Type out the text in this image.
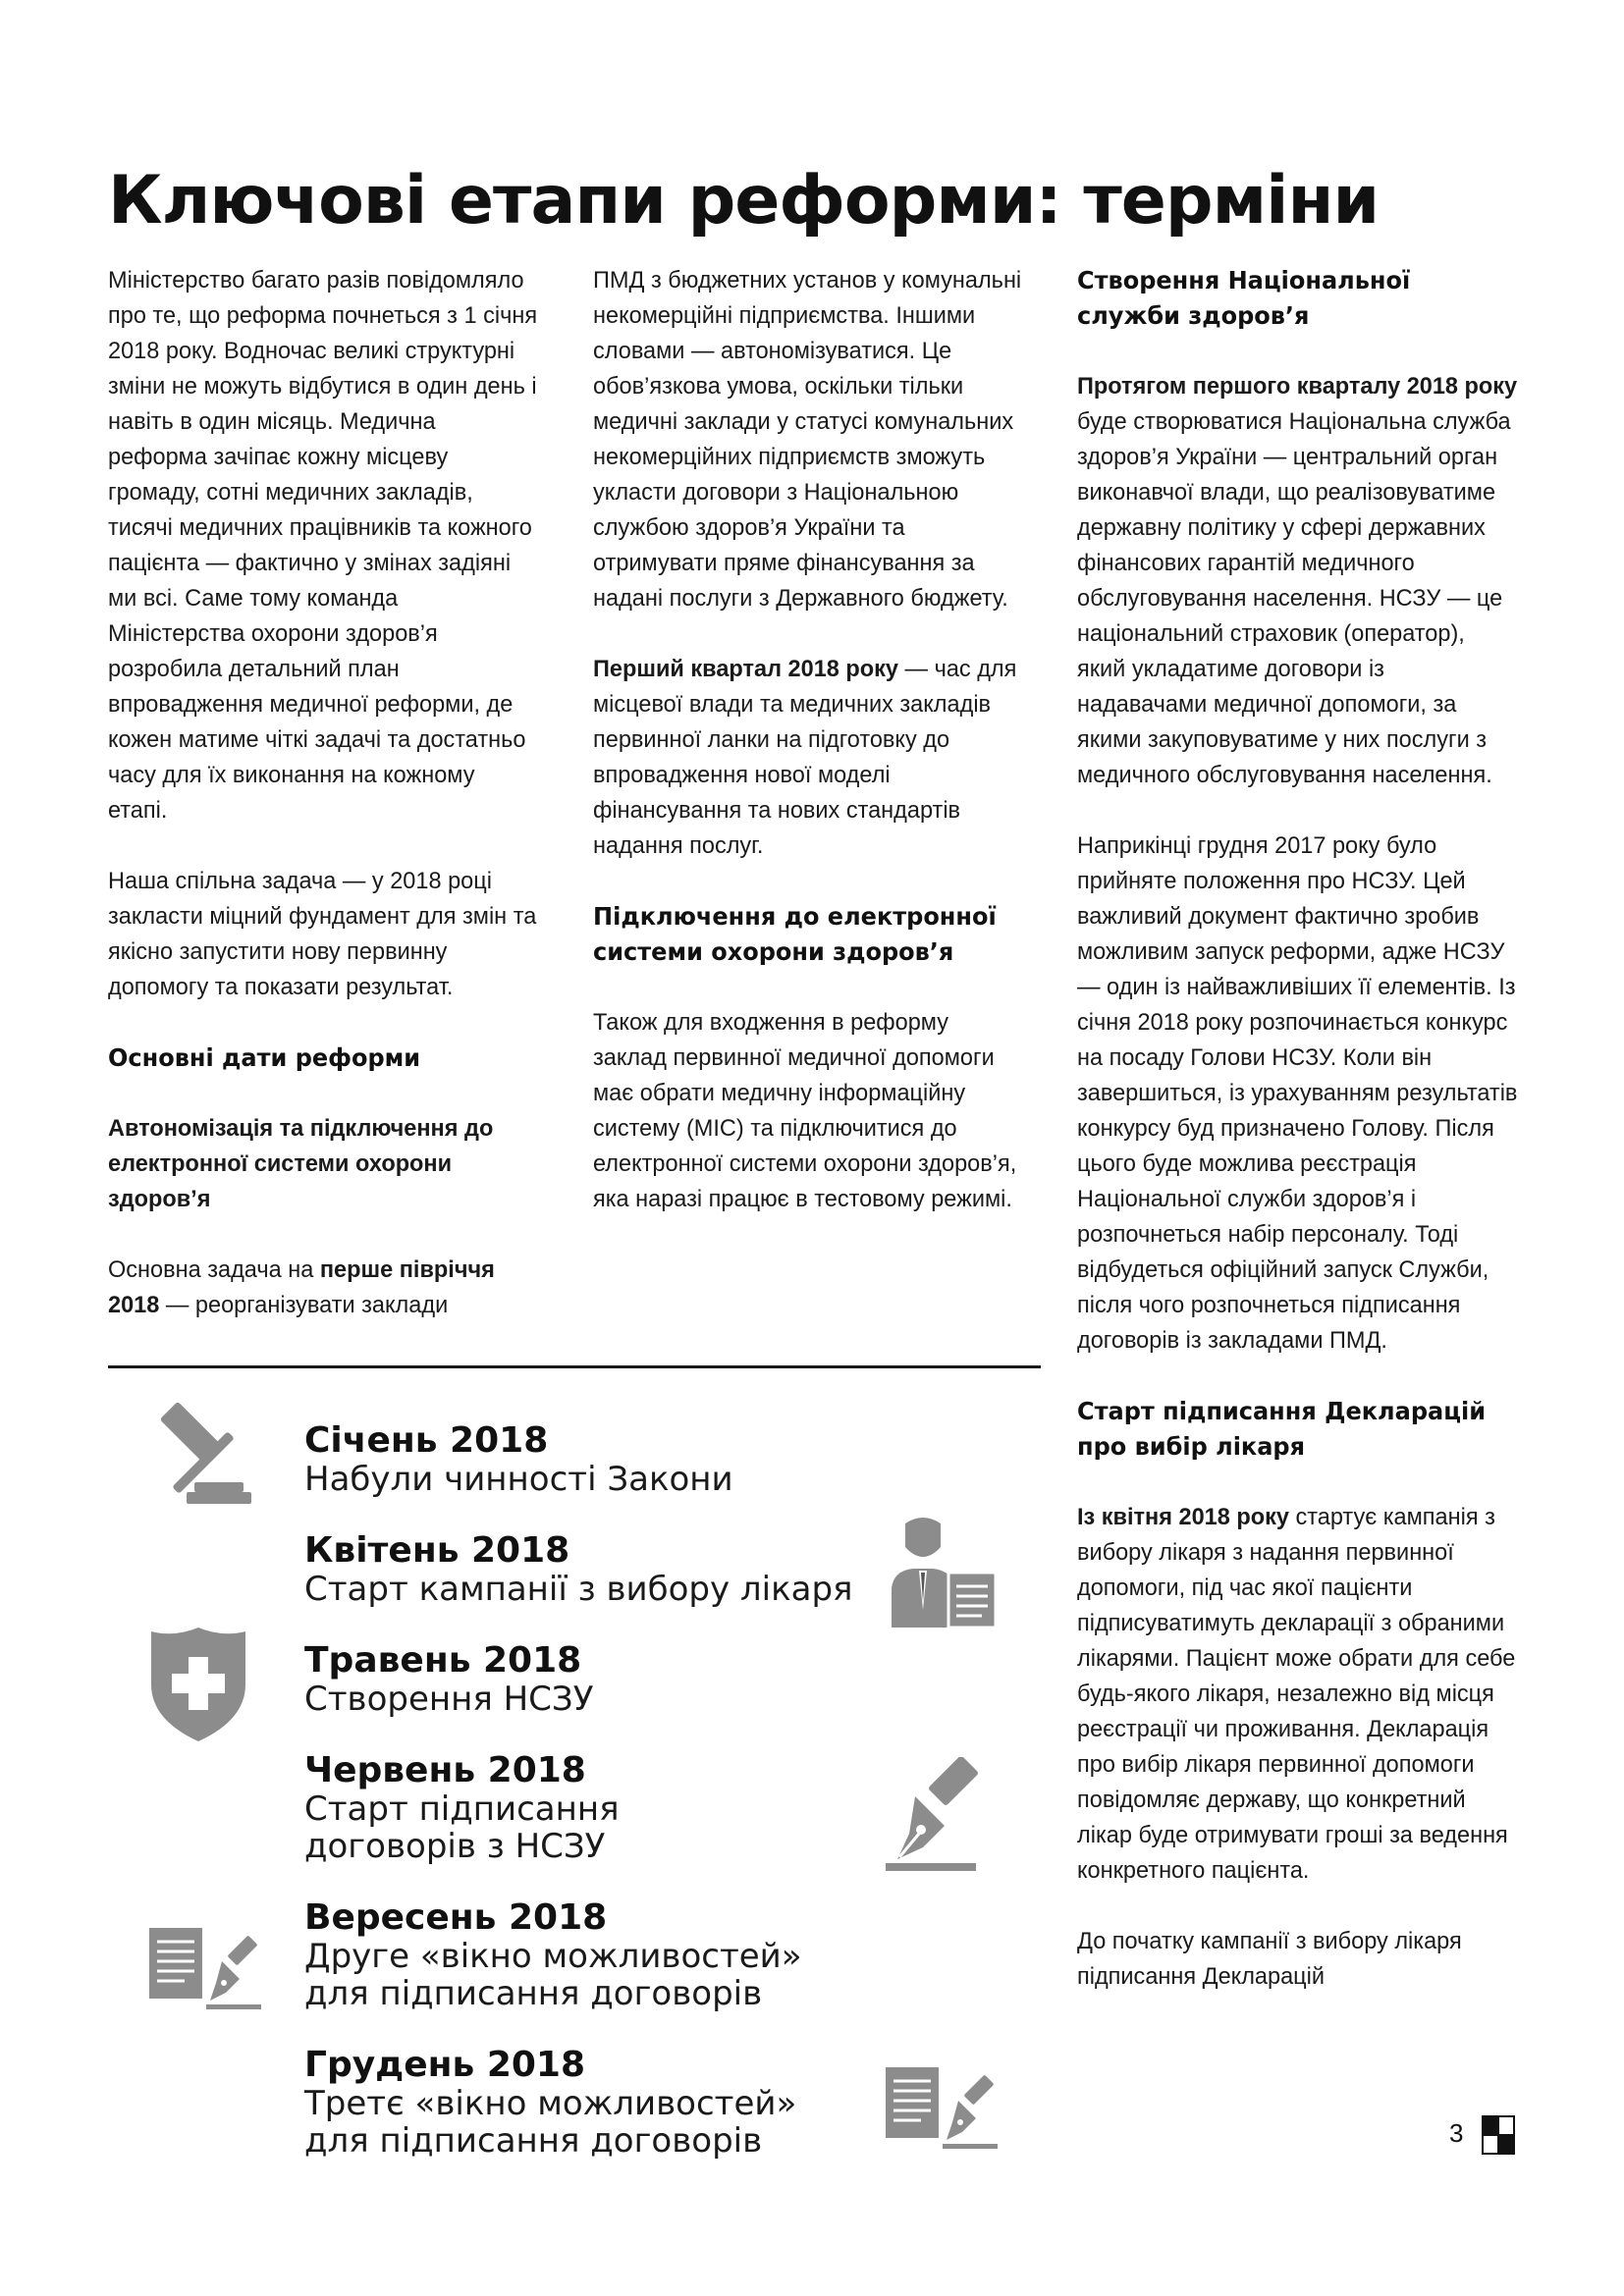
Ключові етапи реформи: терміни

Міністерство багато разів повідомляло про те, що реформа почнеться з 1 січня 2018 року. Водночас великі структурні зміни не можуть відбутися в один день і навіть в один місяць. Медична реформа зачіпає кожну місцеву громаду, сотні медичних закладів, тисячі медичних працівників та кожного пацієнта — фактично у змінах задіяні ми всі. Саме тому команда Міністерства охорони здоров’я розробила детальний план впровадження медичної реформи, де кожен матиме чіткі задачі та достатньо часу для їх виконання на кожному етапі.

Наша спільна задача — у 2018 році закласти міцний фундамент для змін та якісно запустити нову первинну допомогу та показати результат.

Основні дати реформи
Автономізація та підключення до електронної системи охорони здоров’я

Основна задача на перше півріччя 2018 — реорганізувати заклади

ПМД з бюджетних установ у комунальні некомерційні підприємства. Іншими словами — автономізуватися. Це обов’язкова умова, оскільки тільки медичні заклади у статусі комунальних некомерційних підприємств зможуть укласти договори з Національною службою здоров’я України та отримувати пряме фінансування за надані послуги з Державного бюджету.

Перший квартал 2018 року — час для місцевої влади та медичних закладів первинної ланки на підготовку до впровадження нової моделі фінансування та нових стандартів надання послуг.

Підключення до електронної системи охорони здоров’я

Також для входження в реформу заклад первинної медичної допомоги має обрати медичну інформаційну систему (МІС) та підключитися до електронної системи охорони здоров’я, яка наразі працює в тестовому режимі.

Створення Національної служби здоров’я

Протягом першого кварталу 2018 року буде створюватися Національна служба здоров’я України — центральний орган виконавчої влади, що реалізовуватиме державну політику у сфері державних фінансових гарантій медичного обслуговування населення. НСЗУ — це національний страховик (оператор), який укладатиме договори із надавачами медичної допомоги, за якими закуповуватиме у них послуги з медичного обслуговування населення.

Наприкінці грудня 2017 року було прийняте положення про НСЗУ. Цей важливий документ фактично зробив можливим запуск реформи, адже НСЗУ — один із найважливіших її елементів. Із січня 2018 року розпочинається конкурс на посаду Голови НСЗУ. Коли він завершиться, із урахуванням результатів конкурсу буд призначено Голову. Після цього буде можлива реєстрація Національної служби здоров’я і розпочнеться набір персоналу. Тоді відбудеться офіційний запуск Служби, після чого розпочнеться підписання договорів із закладами ПМД.

Старт підписання Декларацій про вибір лікаря

Із квітня 2018 року стартує кампанія з вибору лікаря з надання первинної допомоги, під час якої пацієнти підписуватимуть декларації з обраними лікарями. Пацієнт може обрати для себе будь-якого лікаря, незалежно від місця реєстрації чи проживання. Декларація про вибір лікаря первинної допомоги повідомляє державу, що конкретний лікар буде отримувати гроші за ведення конкретного пацієнта.

До початку кампанії з вибору лікаря підписання Декларацій

Січень 2018
Набули чинності Закони
Квітень 2018
Старт кампанії з вибору лікаря
Травень 2018
Створення НСЗУ
Червень 2018
Старт підписання
договорів з НСЗУ
Вересень 2018
Друге «вікно можливостей»
для підписання договорів
Грудень 2018
Третє «вікно можливостей»
для підписання договорів	3
